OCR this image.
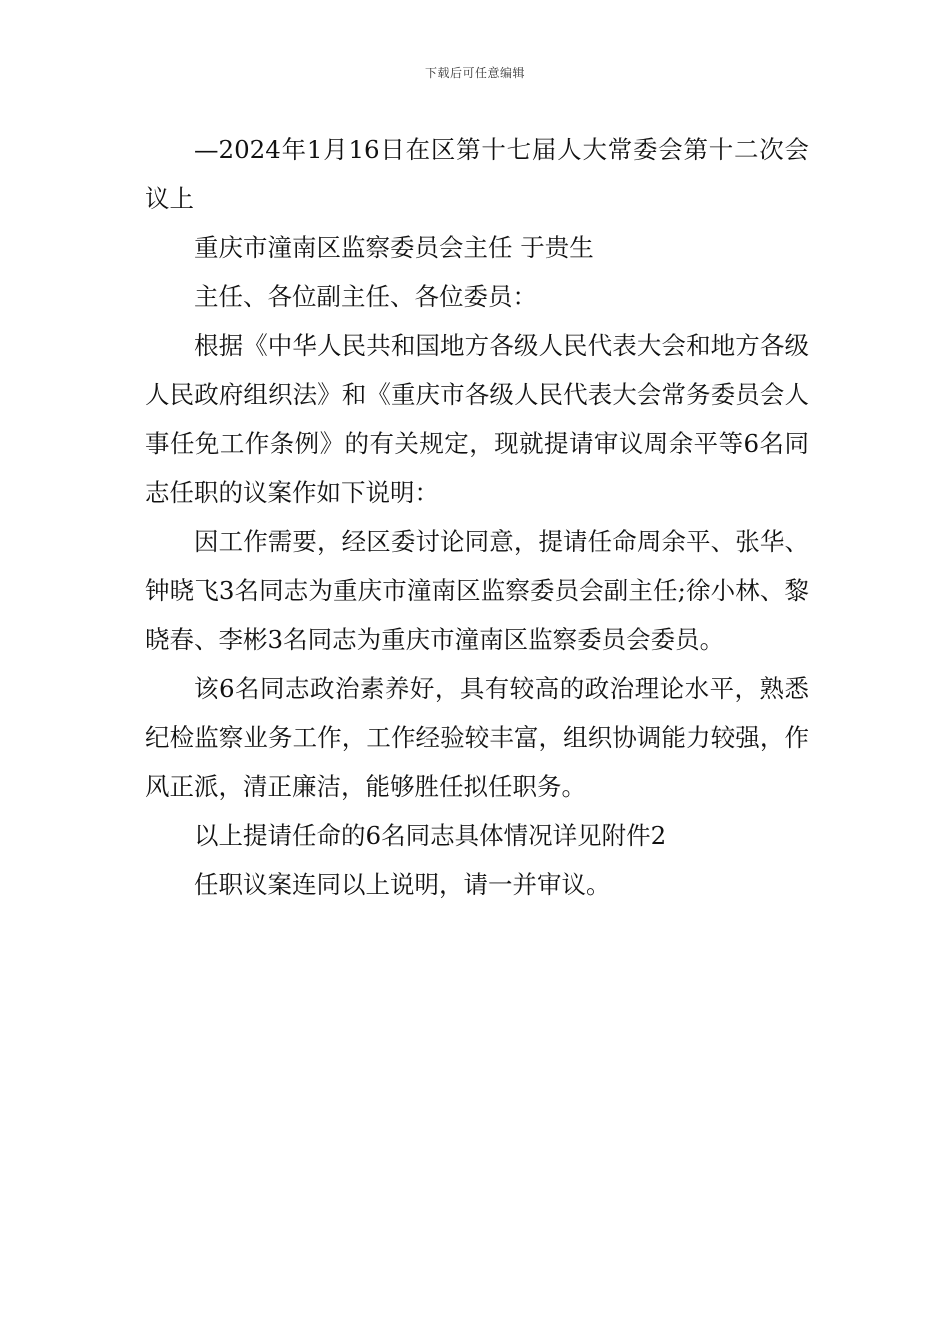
下载后可任意编辑

—2024年1月16日在区第十七届人大常委会第十二次会议上

重庆市潼南区监察委员会主任 于贵生

主任、各位副主任、各位委员：

根据《中华人民共和国地方各级人民代表大会和地方各级人民政府组织法》和《重庆市各级人民代表大会常务委员会人事任免工作条例》的有关规定，现就提请审议周余平等6名同志任职的议案作如下说明：

因工作需要，经区委讨论同意，提请任命周余平、张华、钟晓飞3名同志为重庆市潼南区监察委员会副主任;徐小林、黎晓春、李彬3名同志为重庆市潼南区监察委员会委员。

该6名同志政治素养好，具有较高的政治理论水平，熟悉纪检监察业务工作，工作经验较丰富，组织协调能力较强，作风正派，清正廉洁，能够胜任拟任职务。

以上提请任命的6名同志具体情况详见附件2

任职议案连同以上说明，请一并审议。
